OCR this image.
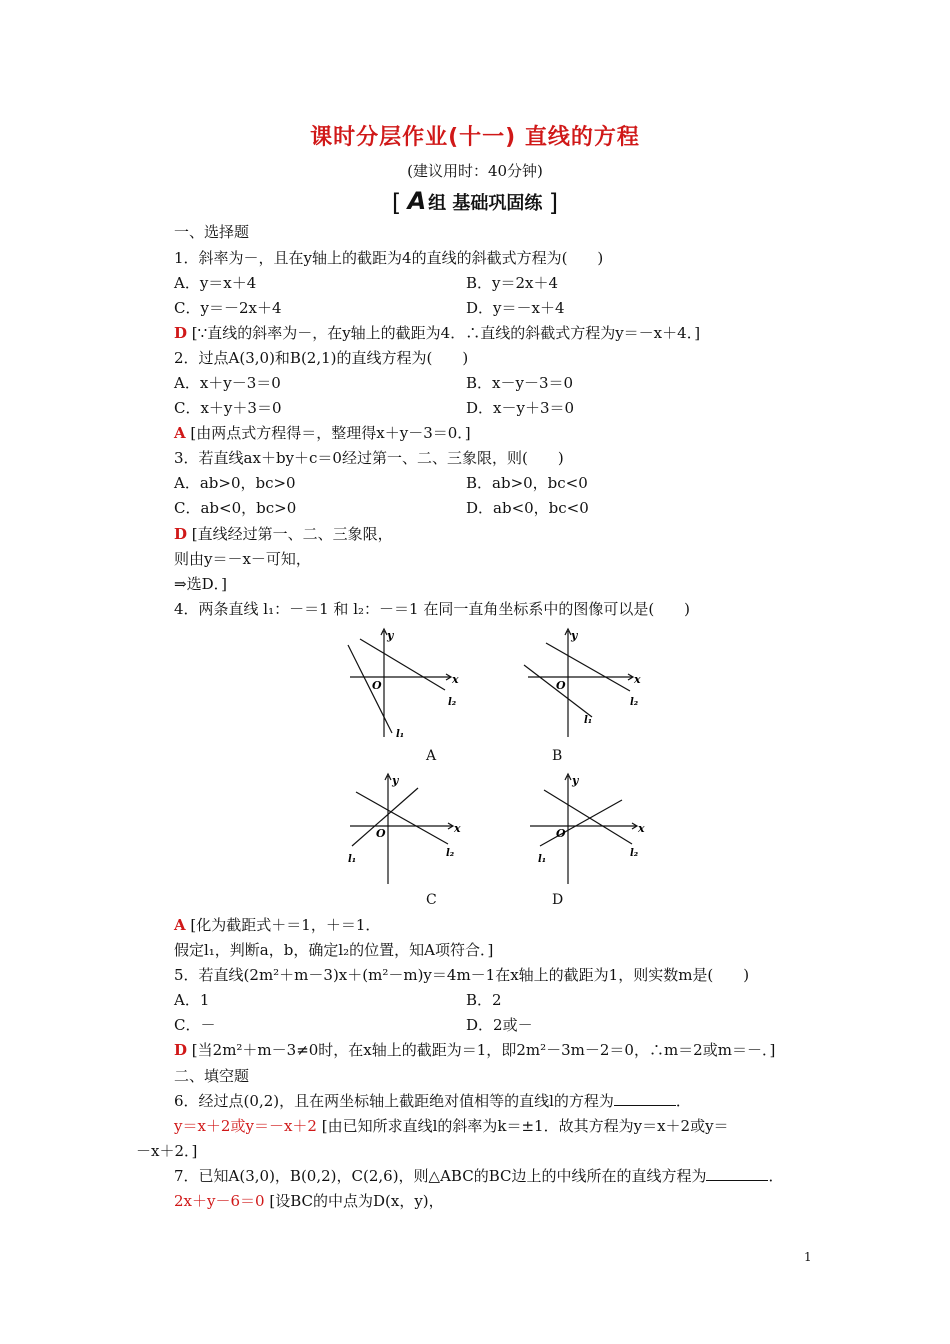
课时分层作业(十一) 直线的方程
(建议用时：40分钟)
[ A 组 基础巩固练 ]
一、选择题
1．斜率为－，且在y轴上的截距为4的直线的斜截式方程为(　　)
A．y＝x＋4	B．y＝2x＋4
C．y＝－2x＋4	D．y＝－x＋4
D [∵直线的斜率为－，在y轴上的截距为4．∴直线的斜截式方程为y＝－x＋4．]
2．过点A(3,0)和B(2,1)的直线方程为(　　)
A．x＋y－3＝0	B．x－y－3＝0
C．x＋y＋3＝0	D．x－y＋3＝0
A [由两点式方程得＝，整理得x＋y－3＝0．]
3．若直线ax＋by＋c＝0经过第一、二、三象限，则(　　)
A．ab>0，bc>0	B．ab>0，bc<0
C．ab<0，bc>0	D．ab<0，bc<0
D [直线经过第一、二、三象限，
则由y＝－x－可知，
⇒选D．]
4．两条直线 l₁：－＝1 和 l₂：－＝1 在同一直角坐标系中的图像可以是(　　)
x
y
O
l₁
l₂
A
x
y
O
l₁
l₂
B
x
y
O
l₁
l₂
C
x
y
O
l₁
l₂
D
A [化为截距式＋＝1，＋＝1．
假定l₁，判断a，b，确定l₂的位置，知A项符合．]
5．若直线(2m²＋m－3)x＋(m²－m)y＝4m－1在x轴上的截距为1，则实数m是(　　)
A．1	B．2
C．－	D．2或－
D [当2m²＋m－3≠0时，在x轴上的截距为＝1，即2m²－3m－2＝0，∴m＝2或m＝－．]
二、填空题
6．经过点(0,2)，且在两坐标轴上截距绝对值相等的直线l的方程为	．
y＝x＋2或y＝－x＋2 [由已知所求直线l的斜率为k＝±1．故其方程为y＝x＋2或y＝
－x＋2．]
7．已知A(3,0)，B(0,2)，C(2,6)，则△ABC的BC边上的中线所在的直线方程为	．
2x＋y－6＝0 [设BC的中点为D(x，y)，
1
